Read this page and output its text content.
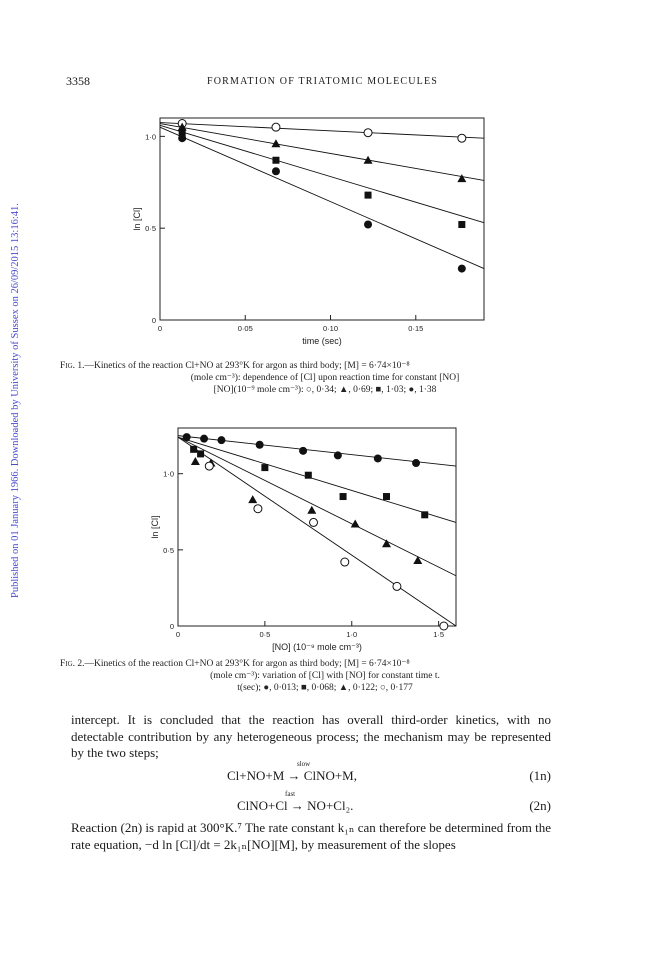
Published on 01 January 1966. Downloaded by University of Sussex on 26/09/2015 13:16:41.
3358	FORMATION OF TRIATOMIC MOLECULES
0	0·05	0·10	0·15
0
0·5
1·0
time (sec)
ln [Cl]
Fig. 1.—Kinetics of the reaction Cl+NO at 293°K for argon as third body; [M] = 6·74×10⁻⁸
(mole cm⁻³): dependence of [Cl] upon reaction time for constant [NO]
[NO](10⁻⁹ mole cm⁻³): ○, 0·34; ▲, 0·69; ■, 1·03; ●, 1·38
0	0·5	1·0	1·5
0
0·5
1·0
[NO] (10⁻⁹ mole cm⁻³)
ln [Cl]
Fig. 2.—Kinetics of the reaction Cl+NO at 293°K for argon as third body; [M] = 6·74×10⁻⁸
(mole cm⁻³): variation of [Cl] with [NO] for constant time t.
t(sec); ●, 0·013; ■, 0·068; ▲, 0·122; ○, 0·177
intercept. It is concluded that the reaction has overall third-order kinetics, with no detectable contribution by any heterogeneous process; the mechanism may be represented by the two steps;
slow
Cl+NO+M → ClNO+M,	(1n)
fast
ClNO+Cl → NO+Cl₂.	(2n)
Reaction (2n) is rapid at 300°K.⁷ The rate constant k₁ₙ can therefore be determined from the rate equation, −d ln [Cl]/dt = 2k₁ₙ[NO][M], by measurement of the slopes
